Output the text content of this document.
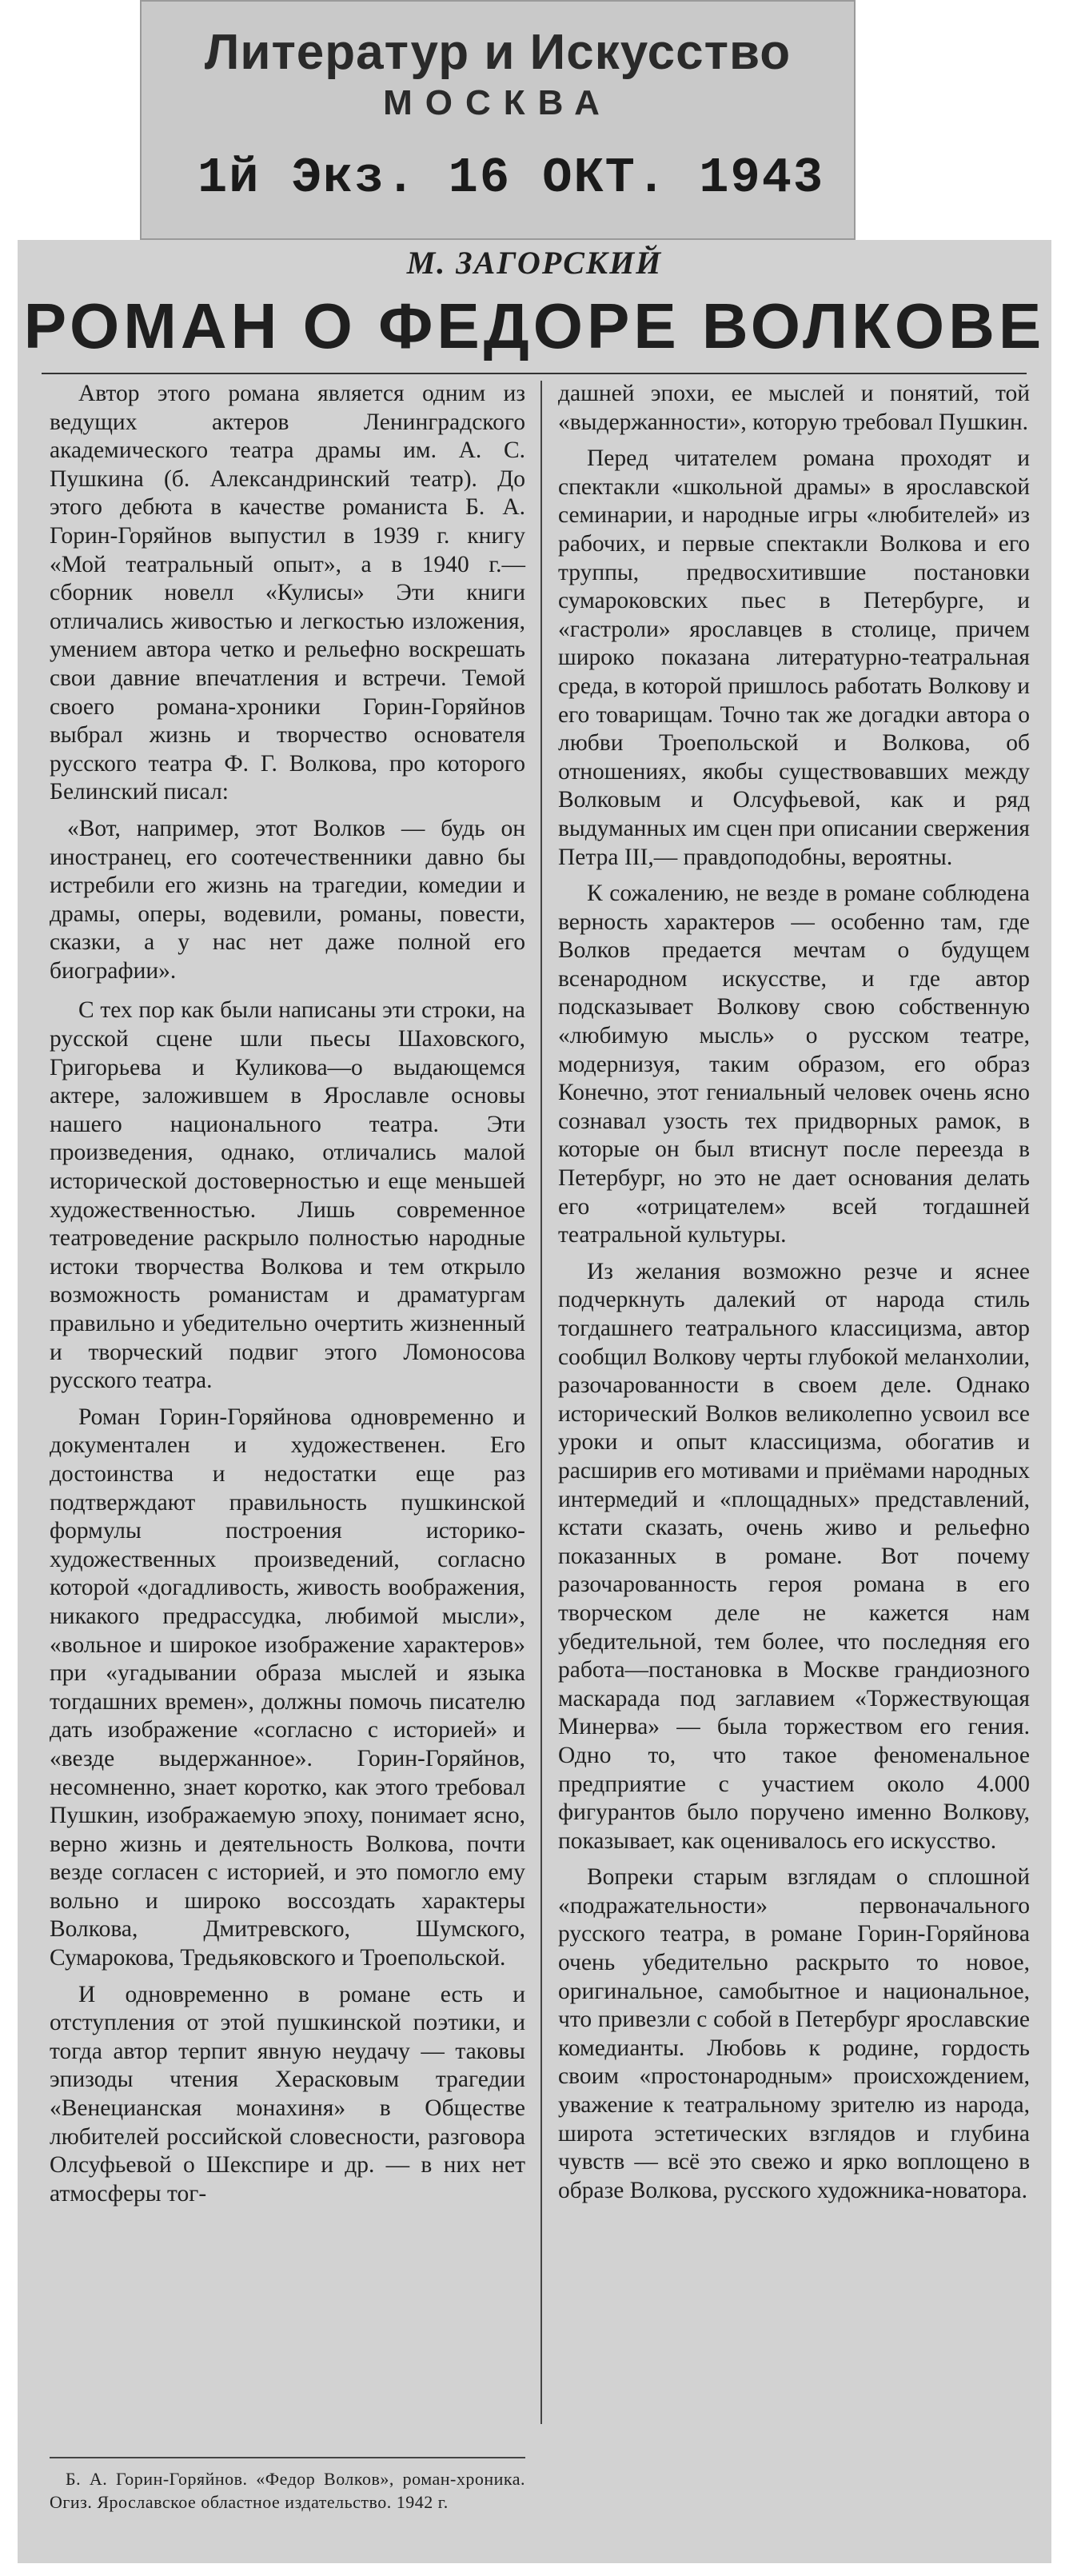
Литератур и Искусство
МОСКВА
1й Экз. 16 ОКТ. 1943
М. ЗАГОРСКИЙ
РОМАН О ФЕДОРЕ ВОЛКОВЕ

Автор этого романа является одним из ведущих актеров Ленинградского академического театра драмы им. А. С. Пушкина (б. Александринский театр). До этого дебюта в качестве романиста Б. А. Горин-Горяйнов выпустил в 1939 г. книгу «Мой театральный опыт», а в 1940 г.—сборник новелл «Кулисы» Эти книги отличались живостью и легкостью изложения, умением автора четко и рельефно воскрешать свои давние впечатления и встречи. Темой своего романа-хроники Горин-Горяйнов выбрал жизнь и творчество основателя русского театра Ф. Г. Волкова, про которого Белинский писал:

«Вот, например, этот Волков — будь он иностранец, его соотечественники давно бы истребили его жизнь на трагедии, комедии и драмы, оперы, водевили, романы, повести, сказки, а у нас нет даже полной его биографии».

С тех пор как были написаны эти строки, на русской сцене шли пьесы Шаховского, Григорьева и Куликова—о выдающемся актере, заложившем в Ярославле основы нашего национального театра. Эти произведения, однако, отличались малой исторической достоверностью и еще меньшей художественностью. Лишь современное театроведение раскрыло полностью народные истоки творчества Волкова и тем открыло возможность романистам и драматургам правильно и убедительно очертить жизненный и творческий подвиг этого Ломоносова русского театра.

Роман Горин-Горяйнова одновременно и документален и художественен. Его достоинства и недостатки еще раз подтверждают правильность пушкинской формулы построения историко-художественных произведений, согласно которой «догадливость, живость воображения, никакого предрассудка, любимой мысли», «вольное и широкое изображение характеров» при «угадывании образа мыслей и языка тогдашних времен», должны помочь писателю дать изображение «согласно с историей» и «везде выдержанное». Горин-Горяйнов, несомненно, знает коротко, как этого требовал Пушкин, изображаемую эпоху, понимает ясно, верно жизнь и деятельность Волкова, почти везде согласен с историей, и это помогло ему вольно и широко воссоздать характеры Волкова, Дмитревского, Шумского, Сумарокова, Тредьяковского и Троепольской.

И одновременно в романе есть и отступления от этой пушкинской поэтики, и тогда автор терпит явную неудачу — таковы эпизоды чтения Херасковым трагедии «Венецианская монахиня» в Обществе любителей российской словесности, разговора Олсуфьевой о Шекспире и др. — в них нет атмосферы тог-

дашней эпохи, ее мыслей и понятий, той «выдержанности», которую требовал Пушкин.

Перед читателем романа проходят и спектакли «школьной драмы» в ярославской семинарии, и народные игры «любителей» из рабочих, и первые спектакли Волкова и его труппы, предвосхитившие постановки сумароковских пьес в Петербурге, и «гастроли» ярославцев в столице, причем широко показана литературно-театральная среда, в которой пришлось работать Волкову и его товарищам. Точно так же догадки автора о любви Троепольской и Волкова, об отношениях, якобы существовавших между Волковым и Олсуфьевой, как и ряд выдуманных им сцен при описании свержения Петра III,— правдоподобны, вероятны.

К сожалению, не везде в романе соблюдена верность характеров — особенно там, где Волков предается мечтам о будущем всенародном искусстве, и где автор подсказывает Волкову свою собственную «любимую мысль» о русском театре, модернизуя, таким образом, его образ Конечно, этот гениальный человек очень ясно сознавал узость тех придворных рамок, в которые он был втиснут после переезда в Петербург, но это не дает основания делать его «отрицателем» всей тогдашней театральной культуры.

Из желания возможно резче и яснее подчеркнуть далекий от народа стиль тогдашнего театрального классицизма, автор сообщил Волкову черты глубокой меланхолии, разочарованности в своем деле. Однако исторический Волков великолепно усвоил все уроки и опыт классицизма, обогатив и расширив его мотивами и приёмами народных интермедий и «площадных» представлений, кстати сказать, очень живо и рельефно показанных в романе. Вот почему разочарованность героя романа в его творческом деле не кажется нам убедительной, тем более, что последняя его работа—постановка в Москве грандиозного маскарада под заглавием «Торжествующая Минерва» — была торжеством его гения. Одно то, что такое феноменальное предприятие с участием около 4.000 фигурантов было поручено именно Волкову, показывает, как оценивалось его искусство.

Вопреки старым взглядам о сплошной «подражательности» первоначального русского театра, в романе Горин-Горяйнова очень убедительно раскрыто то новое, оригинальное, самобытное и национальное, что привезли с собой в Петербург ярославские комедианты. Любовь к родине, гордость своим «простонародным» происхождением, уважение к театральному зрителю из народа, широта эстетических взглядов и глубина чувств — всё это свежо и ярко воплощено в образе Волкова, русского художника-новатора.

Б. А. Горин-Горяйнов. «Федор Волков», роман-хроника. Огиз. Ярославское областное издательство. 1942 г.
